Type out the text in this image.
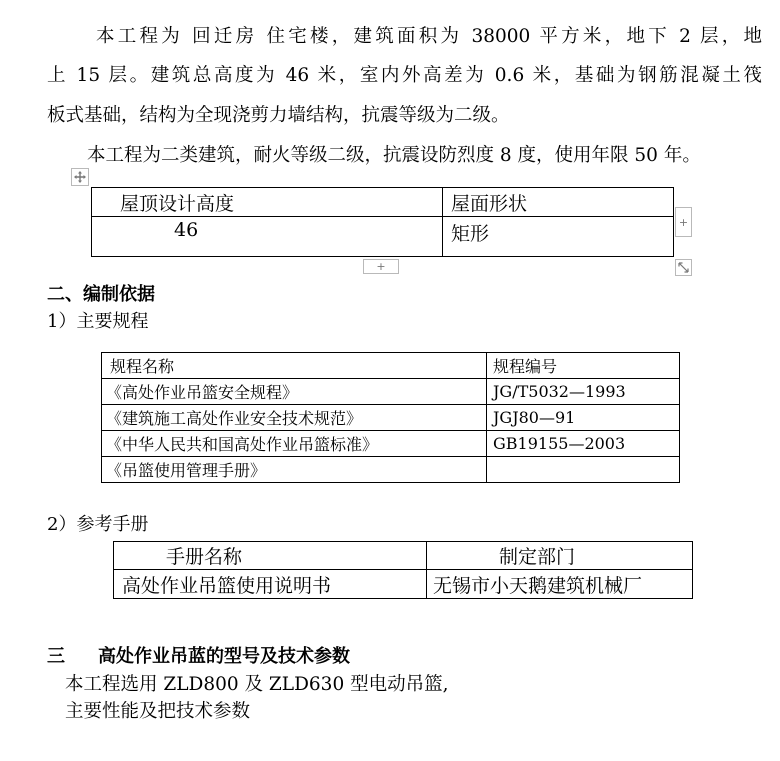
本工程为 回迁房 住宅楼，建筑面积为 38000 平方米，地下 2 层，地
上 15 层。建筑总高度为 46 米，室内外高差为 0.6 米，基础为钢筋混凝土筏
板式基础，结构为全现浇剪力墙结构，抗震等级为二级。
本工程为二类建筑，耐火等级二级，抗震设防烈度 8 度，使用年限 50 年。
屋顶设计高度	屋面形状
46	矩形
+
+
二、编制依据
1）主要规程
规程名称	规程编号
《高处作业吊篮安全规程》	JG/T5032—1993
《建筑施工高处作业安全技术规范》	JGJ80—91
《中华人民共和国高处作业吊篮标准》	GB19155—2003
《吊篮使用管理手册》	
2）参考手册
手册名称	制定部门
高处作业吊篮使用说明书	无锡市小天鹅建筑机械厂
三 高处作业吊蓝的型号及技术参数
本工程选用 ZLD800 及 ZLD630 型电动吊篮,
主要性能及把技术参数
